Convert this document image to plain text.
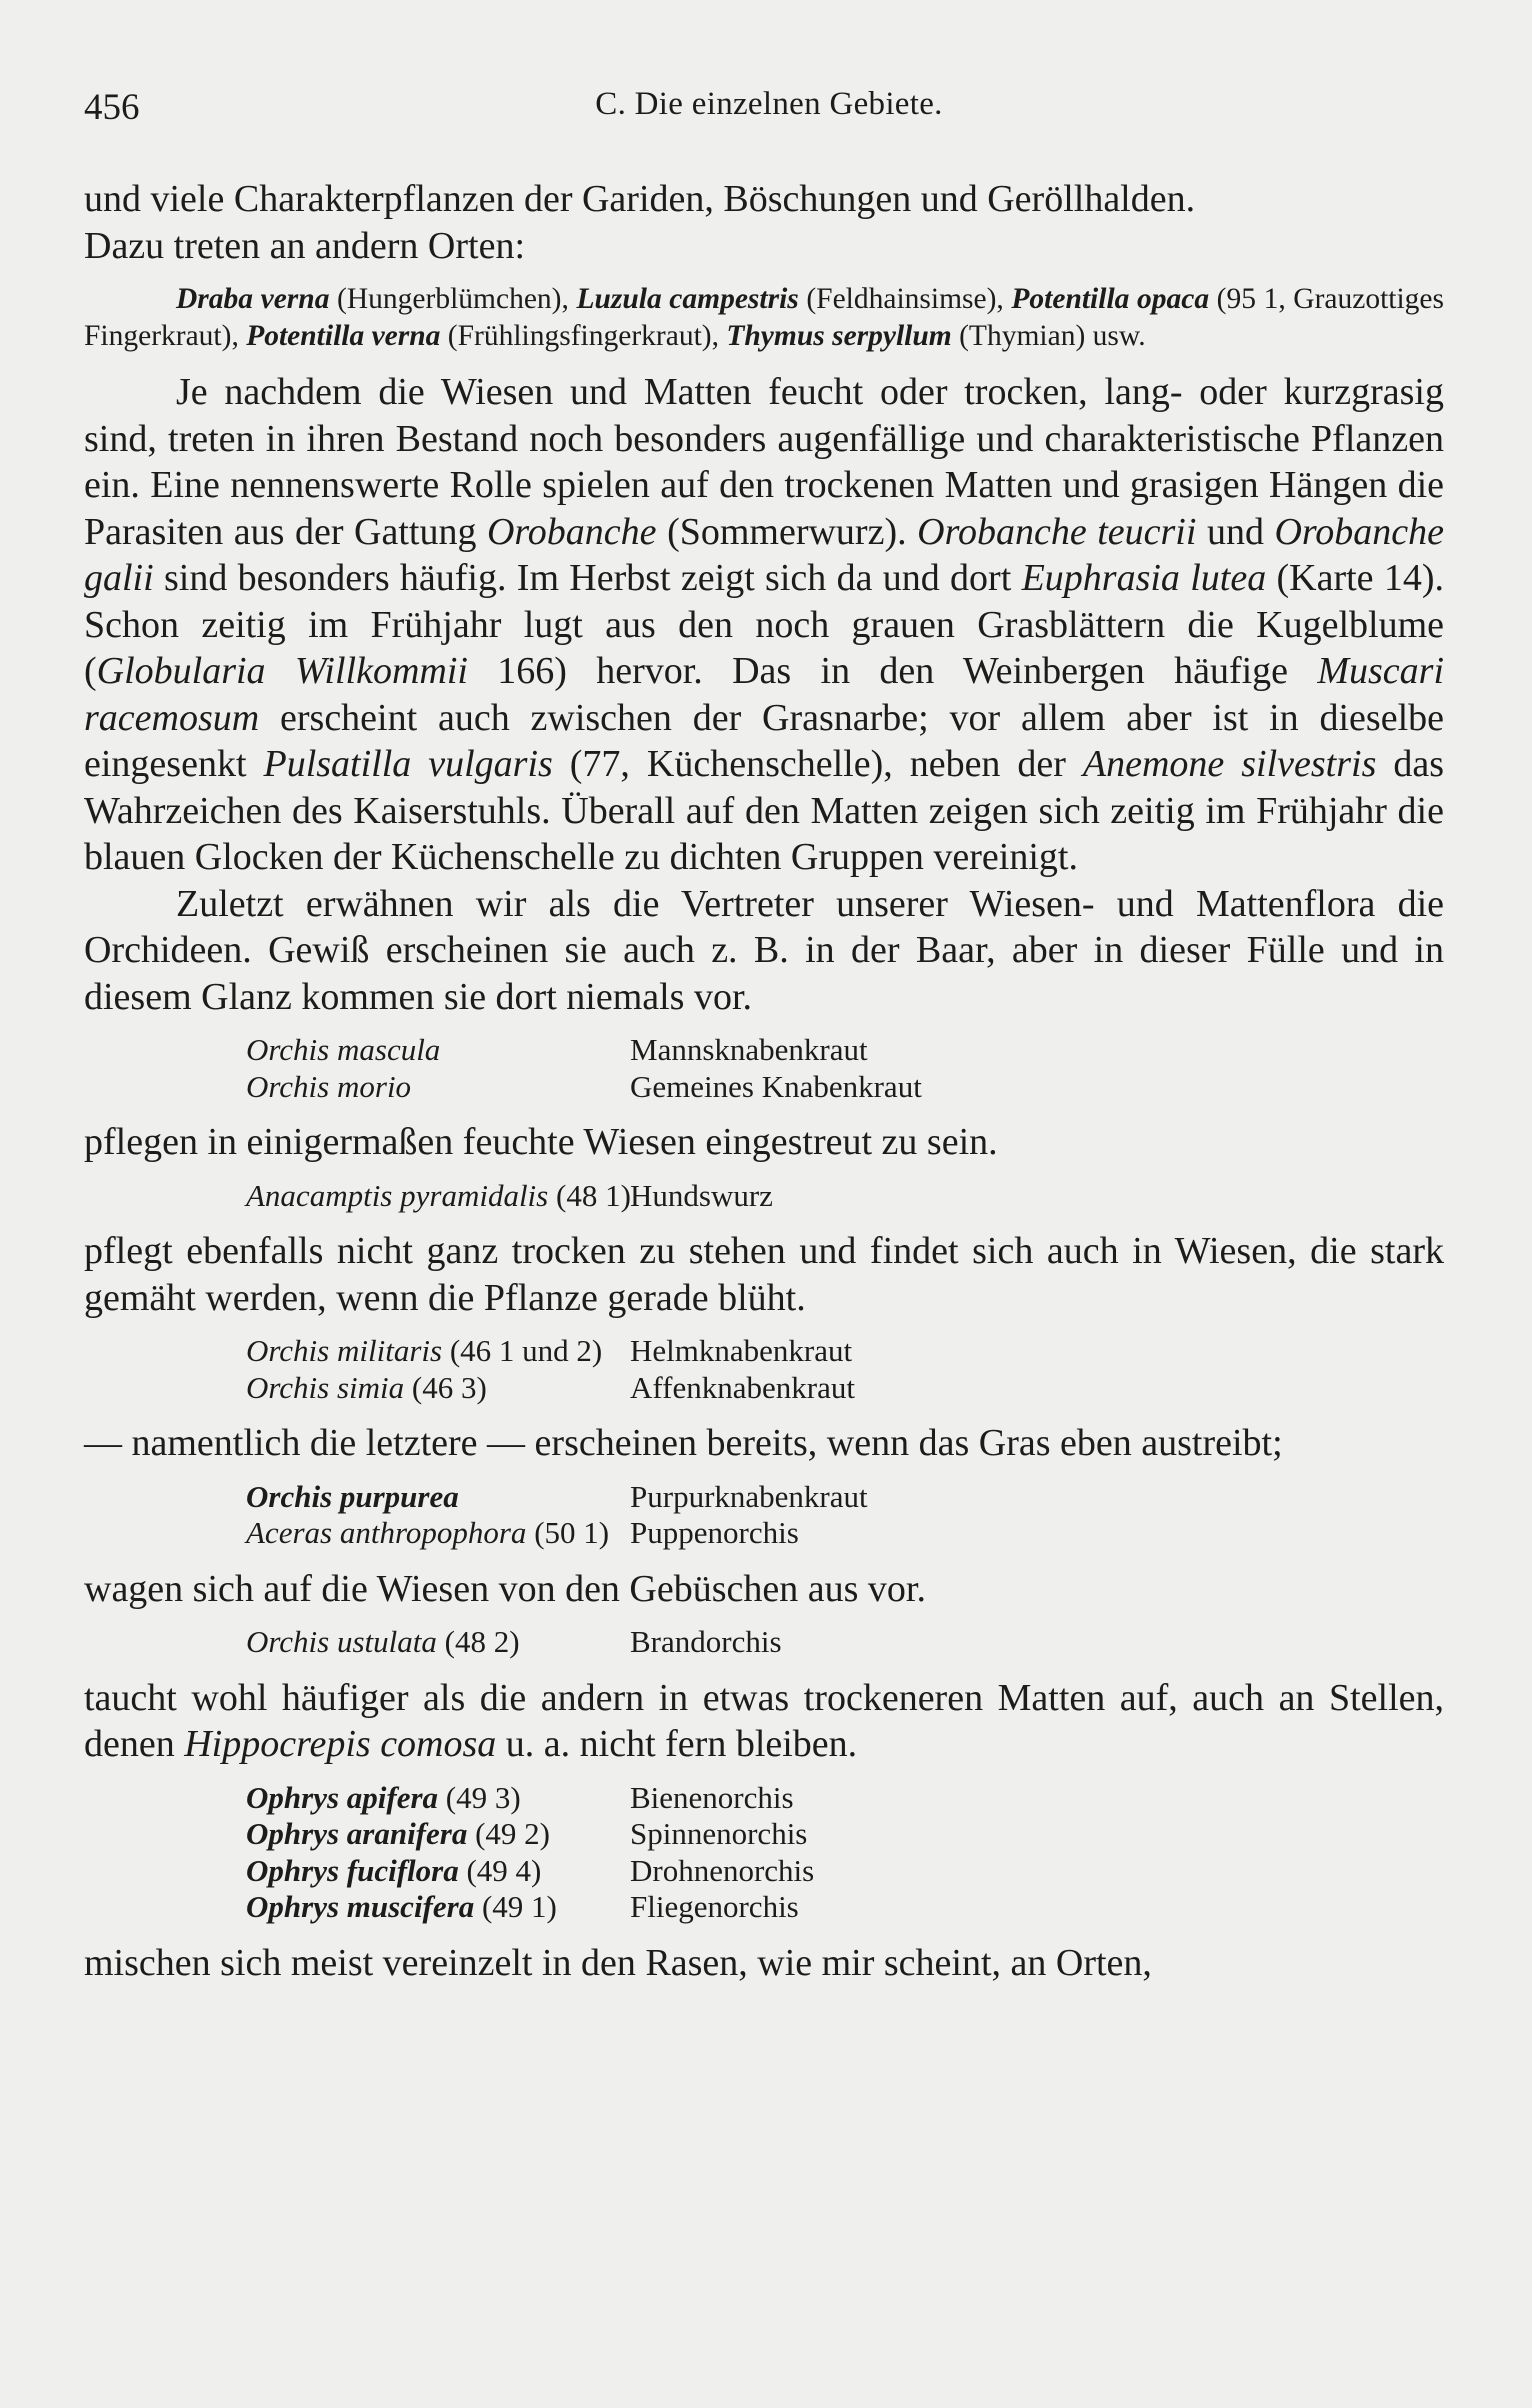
456	C. Die einzelnen Gebiete.

und viele Charakterpflanzen der Gariden, Böschungen und Geröllhalden.

Dazu treten an andern Orten:

Draba verna (Hungerblümchen), Luzula campestris (Feldhainsimse), Potentilla opaca (95 1, Grauzottiges Fingerkraut), Potentilla verna (Frühlingsfingerkraut), Thymus serpyllum (Thymian) usw.

Je nachdem die Wiesen und Matten feucht oder trocken, lang- oder kurzgrasig sind, treten in ihren Bestand noch besonders augenfällige und charakteristische Pflanzen ein. Eine nennenswerte Rolle spielen auf den trockenen Matten und grasigen Hängen die Parasiten aus der Gattung Orobanche (Sommerwurz). Orobanche teucrii und Orobanche galii sind besonders häufig. Im Herbst zeigt sich da und dort Euphrasia lutea (Karte 14). Schon zeitig im Frühjahr lugt aus den noch grauen Grasblättern die Kugelblume (Globularia Willkommii 166) hervor. Das in den Weinbergen häufige Muscari racemosum erscheint auch zwischen der Grasnarbe; vor allem aber ist in dieselbe eingesenkt Pulsatilla vulgaris (77, Küchenschelle), neben der Anemone silvestris das Wahrzeichen des Kaiserstuhls. Überall auf den Matten zeigen sich zeitig im Frühjahr die blauen Glocken der Küchenschelle zu dichten Gruppen vereinigt.

Zuletzt erwähnen wir als die Vertreter unserer Wiesen- und Mattenflora die Orchideen. Gewiß erscheinen sie auch z. B. in der Baar, aber in dieser Fülle und in diesem Glanz kommen sie dort niemals vor.

Orchis mascula	Mannsknabenkraut
Orchis morio	Gemeines Knabenkraut

pflegen in einigermaßen feuchte Wiesen eingestreut zu sein.

Anacamptis pyramidalis (48 1) Hundswurz

pflegt ebenfalls nicht ganz trocken zu stehen und findet sich auch in Wiesen, die stark gemäht werden, wenn die Pflanze gerade blüht.

Orchis militaris (46 1 und 2) Helmknabenkraut
Orchis simia (46 3)	Affenknabenkraut

— namentlich die letztere — erscheinen bereits, wenn das Gras eben austreibt;

Orchis purpurea	Purpurknabenkraut
Aceras anthropophora (50 1) Puppenorchis

wagen sich auf die Wiesen von den Gebüschen aus vor.

Orchis ustulata (48 2)	Brandorchis

taucht wohl häufiger als die andern in etwas trockeneren Matten auf, auch an Stellen, denen Hippocrepis comosa u. a. nicht fern bleiben.

Ophrys apifera (49 3)	Bienenorchis
Ophrys aranifera (49 2)	Spinnenorchis
Ophrys fuciflora (49 4)	Drohnenorchis
Ophrys muscifera (49 1)	Fliegenorchis

mischen sich meist vereinzelt in den Rasen, wie mir scheint, an Orten,
